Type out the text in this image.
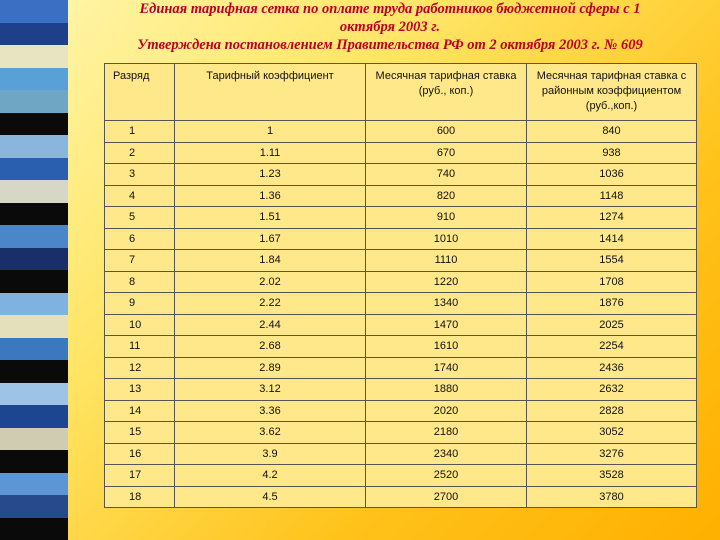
Единая тарифная сетка по оплате труда работников бюджетной сферы с 1
октября 2003 г.
Утверждена постановлением Правительства РФ от 2 октября 2003 г. № 609
Разряд	Тарифный коэффициент	Месячная тарифная ставка (руб., коп.)	Месячная тарифная ставка с районным коэффициентом (руб.,коп.)
1	1	600	840
2	1.11	670	938
3	1.23	740	1036
4	1.36	820	1148
5	1.51	910	1274
6	1.67	1010	1414
7	1.84	1110	1554
8	2.02	1220	1708
9	2.22	1340	1876
10	2.44	1470	2025
11	2.68	1610	2254
12	2.89	1740	2436
13	3.12	1880	2632
14	3.36	2020	2828
15	3.62	2180	3052
16	3.9	2340	3276
17	4.2	2520	3528
18	4.5	2700	3780
